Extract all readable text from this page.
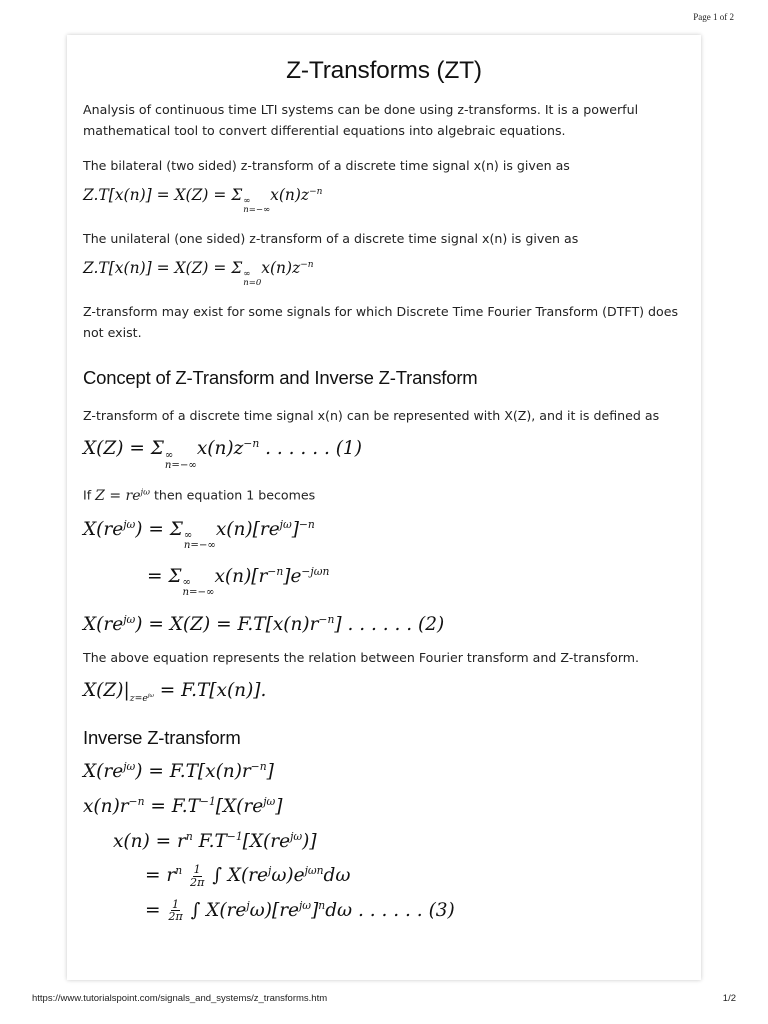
Page 1 of 2
Z-Transforms (ZT)

Analysis of continuous time LTI systems can be done using z-transforms. It is a powerful mathematical tool to convert differential equations into algebraic equations.

The bilateral (two sided) z-transform of a discrete time signal x(n) is given as

Z.T[x(n)] = X(Z) = Σ ∞
n=−∞
$x(n)z^{-n}$

The unilateral (one sided) z-transform of a discrete time signal x(n) is given as

Z.T[x(n)] = X(Z) = Σ ∞
n=0
$x(n)z^{-n}$

Z-transform may exist for some signals for which Discrete Time Fourier Transform (DTFT) does not exist.

Concept of Z-Transform and Inverse Z-Transform

Z-transform of a discrete time signal x(n) can be represented with X(Z), and it is defined as

X(Z) = Σ ∞
n=−∞
$x(n)z^{-n}$ . . . . . . (1)

If $Z = re^{j\omega}$ then equation 1 becomes

$X(re^{j\omega}) = \Sigma$ ∞
n=−∞
$x(n)[re^{j\omega}]^{-n}$
= Σ ∞
n=−∞
$x(n)[r^{-n}]e^{-j\omega n}$
$X(re^{j\omega}) = X(Z) = F.T[x(n)r^{-n}]$ . . . . . . (2)

The above equation represents the relation between Fourier transform and Z-transform.

$X(Z)|_{z=e^{j\omega}} = F.T[x(n)]$.
Inverse Z-transform
$X(re^{j\omega}) = F.T[x(n)r^{-n}]$
$x(n)r^{-n} = F.T^{-1}[X(re^{j\omega}]$
$x(n) = r^n$ $F.T^{-1}[X(re^{j\omega})]$
= $r^n \frac{1}{2\pi}$ ∫ $X(re^j\omega)e^{j\omega n}d\omega$
= $\frac{1}{2\pi}$ ∫ $X(re^j\omega)[re^{j\omega}]^nd\omega$ . . . . . . (3)
https://www.tutorialspoint.com/signals_and_systems/z_transforms.htm	1/2
